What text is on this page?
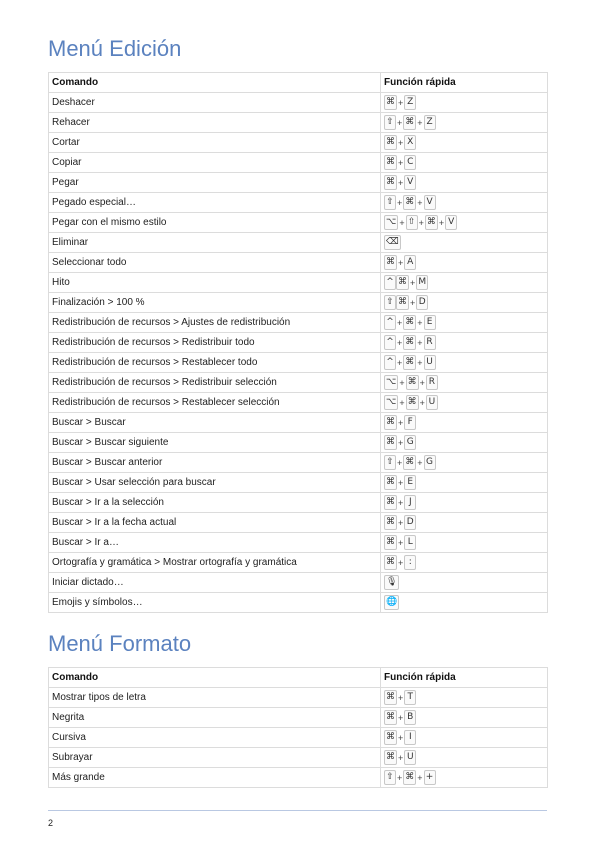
Menú Edición
Comando	Función rápida
Deshacer	⌘ + Z
Rehacer	⇧ + ⌘ + Z
Cortar	⌘ + X
Copiar	⌘ + C
Pegar	⌘ + V
Pegado especial…	⇧ + ⌘ + V
Pegar con el mismo estilo	⌥ + ⇧ + ⌘ + V
Eliminar	⌫
Seleccionar todo	⌘ + A
Hito	^ ⌘ + M
Finalización > 100 %	⇧ ⌘ + D
Redistribución de recursos > Ajustes de redistribución	^ + ⌘ + E
Redistribución de recursos > Redistribuir todo	^ + ⌘ + R
Redistribución de recursos > Restablecer todo	^ + ⌘ + U
Redistribución de recursos > Redistribuir selección	⌥ + ⌘ + R
Redistribución de recursos > Restablecer selección	⌥ + ⌘ + U
Buscar > Buscar	⌘ + F
Buscar > Buscar siguiente	⌘ + G
Buscar > Buscar anterior	⇧ + ⌘ + G
Buscar > Usar selección para buscar	⌘ + E
Buscar > Ir a la selección	⌘ + J
Buscar > Ir a la fecha actual	⌘ + D
Buscar > Ir a…	⌘ + L
Ortografía y gramática > Mostrar ortografía y gramática	⌘ + :
Iniciar dictado…	🎙
Emojis y símbolos…	🌐
Menú Formato
Comando	Función rápida
Mostrar tipos de letra	⌘ + T
Negrita	⌘ + B
Cursiva	⌘ + I
Subrayar	⌘ + U
Más grande	⇧ + ⌘ + +
2
